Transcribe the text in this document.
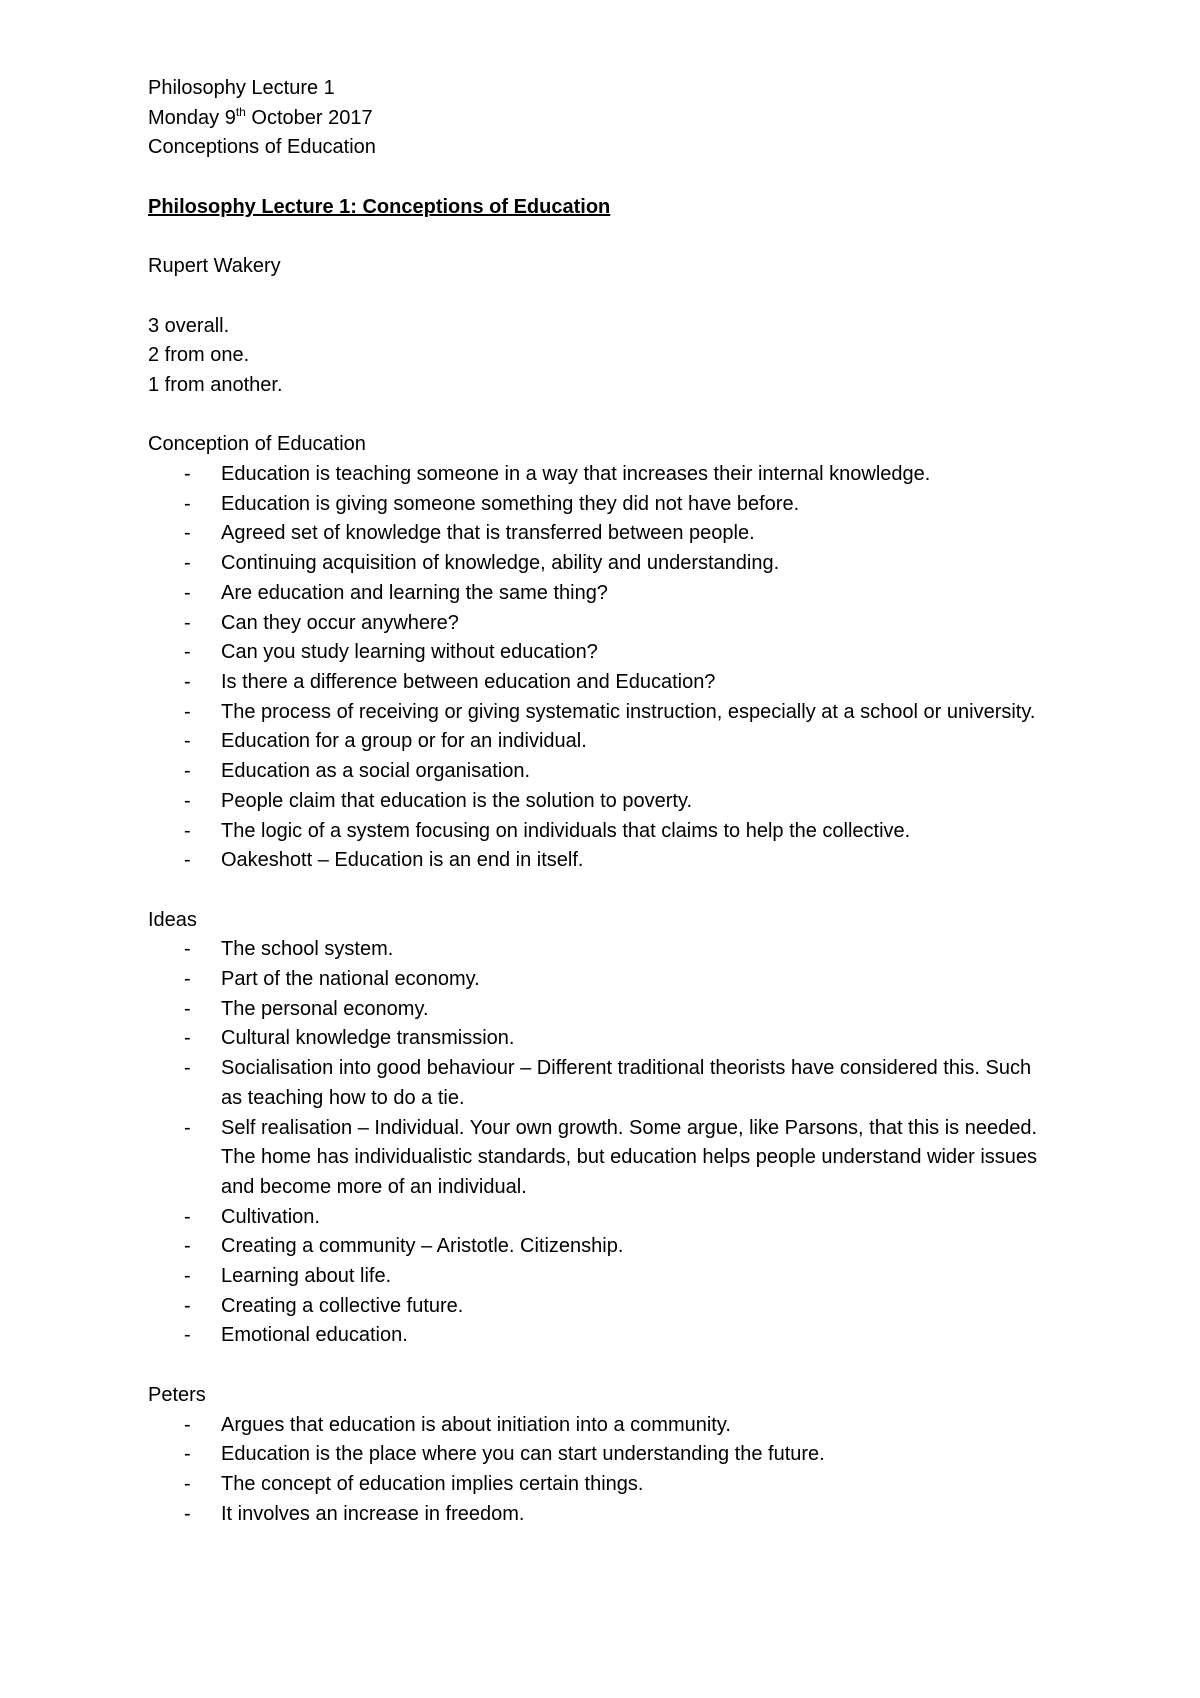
Philosophy Lecture 1
Monday 9th October 2017
Conceptions of Education
Philosophy Lecture 1: Conceptions of Education
Rupert Wakery
3 overall.
2 from one.
1 from another.
Conception of Education
- Education is teaching someone in a way that increases their internal knowledge.
- Education is giving someone something they did not have before.
- Agreed set of knowledge that is transferred between people.
- Continuing acquisition of knowledge, ability and understanding.
- Are education and learning the same thing?
- Can they occur anywhere?
- Can you study learning without education?
- Is there a difference between education and Education?
- The process of receiving or giving systematic instruction, especially at a school or university.
- Education for a group or for an individual.
- Education as a social organisation.
- People claim that education is the solution to poverty.
- The logic of a system focusing on individuals that claims to help the collective.
- Oakeshott – Education is an end in itself.
Ideas
- The school system.
- Part of the national economy.
- The personal economy.
- Cultural knowledge transmission.
- Socialisation into good behaviour – Different traditional theorists have considered this. Such as teaching how to do a tie.
- Self realisation – Individual. Your own growth. Some argue, like Parsons, that this is needed. The home has individualistic standards, but education helps people understand wider issues and become more of an individual.
- Cultivation.
- Creating a community – Aristotle. Citizenship.
- Learning about life.
- Creating a collective future.
- Emotional education.
Peters
- Argues that education is about initiation into a community.
- Education is the place where you can start understanding the future.
- The concept of education implies certain things.
- It involves an increase in freedom.
